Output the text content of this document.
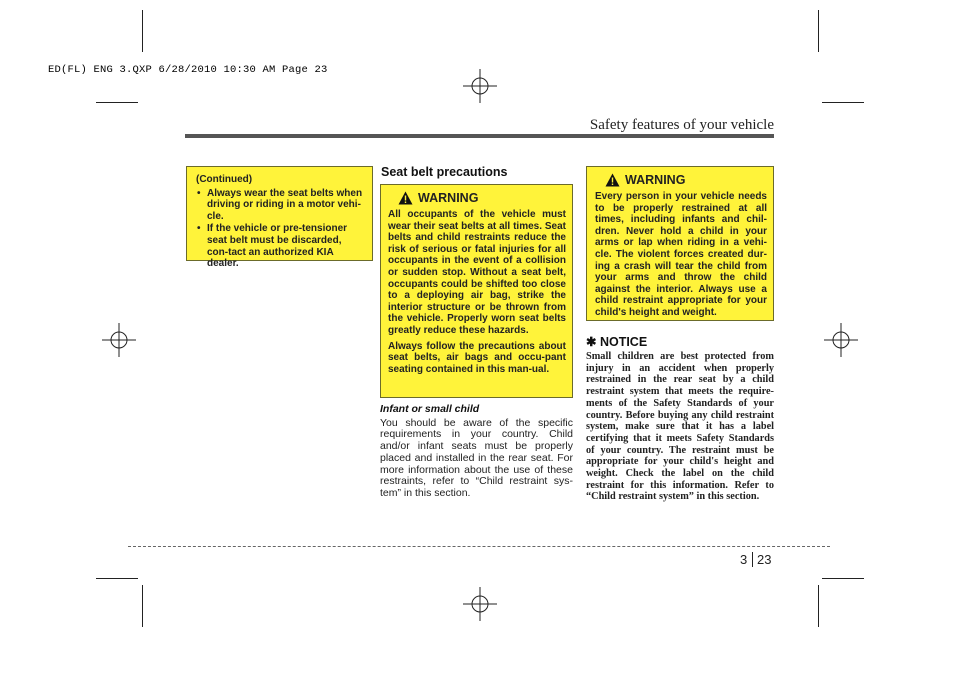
ED(FL) ENG 3.QXP 6/28/2010 10:30 AM Page 23
Safety features of your vehicle
(Continued)
• Always wear the seat belts when driving or riding in a motor vehi-cle.
• If the vehicle or pre-tensioner seat belt must be discarded, con-tact an authorized KIA dealer.
Seat belt precautions
WARNING
All occupants of the vehicle must wear their seat belts at all times. Seat belts and child restraints reduce the risk of serious or fatal injuries for all occupants in the event of a collision or sudden stop. Without a seat belt, occupants could be shifted too close to a deploying air bag, strike the interior structure or be thrown from the vehicle. Properly worn seat belts greatly reduce these hazards.
Always follow the precautions about seat belts, air bags and occu-pant seating contained in this man-ual.
Infant or small child
You should be aware of the specific requirements in your country. Child and/or infant seats must be properly placed and installed in the rear seat. For more information about the use of these restraints, refer to “Child restraint sys-tem” in this section.
WARNING
Every person in your vehicle needs to be properly restrained at all times, including infants and chil-dren. Never hold a child in your arms or lap when riding in a vehi-cle. The violent forces created dur-ing a crash will tear the child from your arms and throw the child against the interior. Always use a child restraint appropriate for your child's height and weight.
✱ NOTICE
Small children are best protected from injury in an accident when properly restrained in the rear seat by a child restraint system that meets the require-ments of the Safety Standards of your country. Before buying any child restraint system, make sure that it has a label certifying that it meets Safety Standards of your country. The restraint must be appropriate for your child's height and weight. Check the label on the child restraint for this information. Refer to “Child restraint system” in this section.
3 23
